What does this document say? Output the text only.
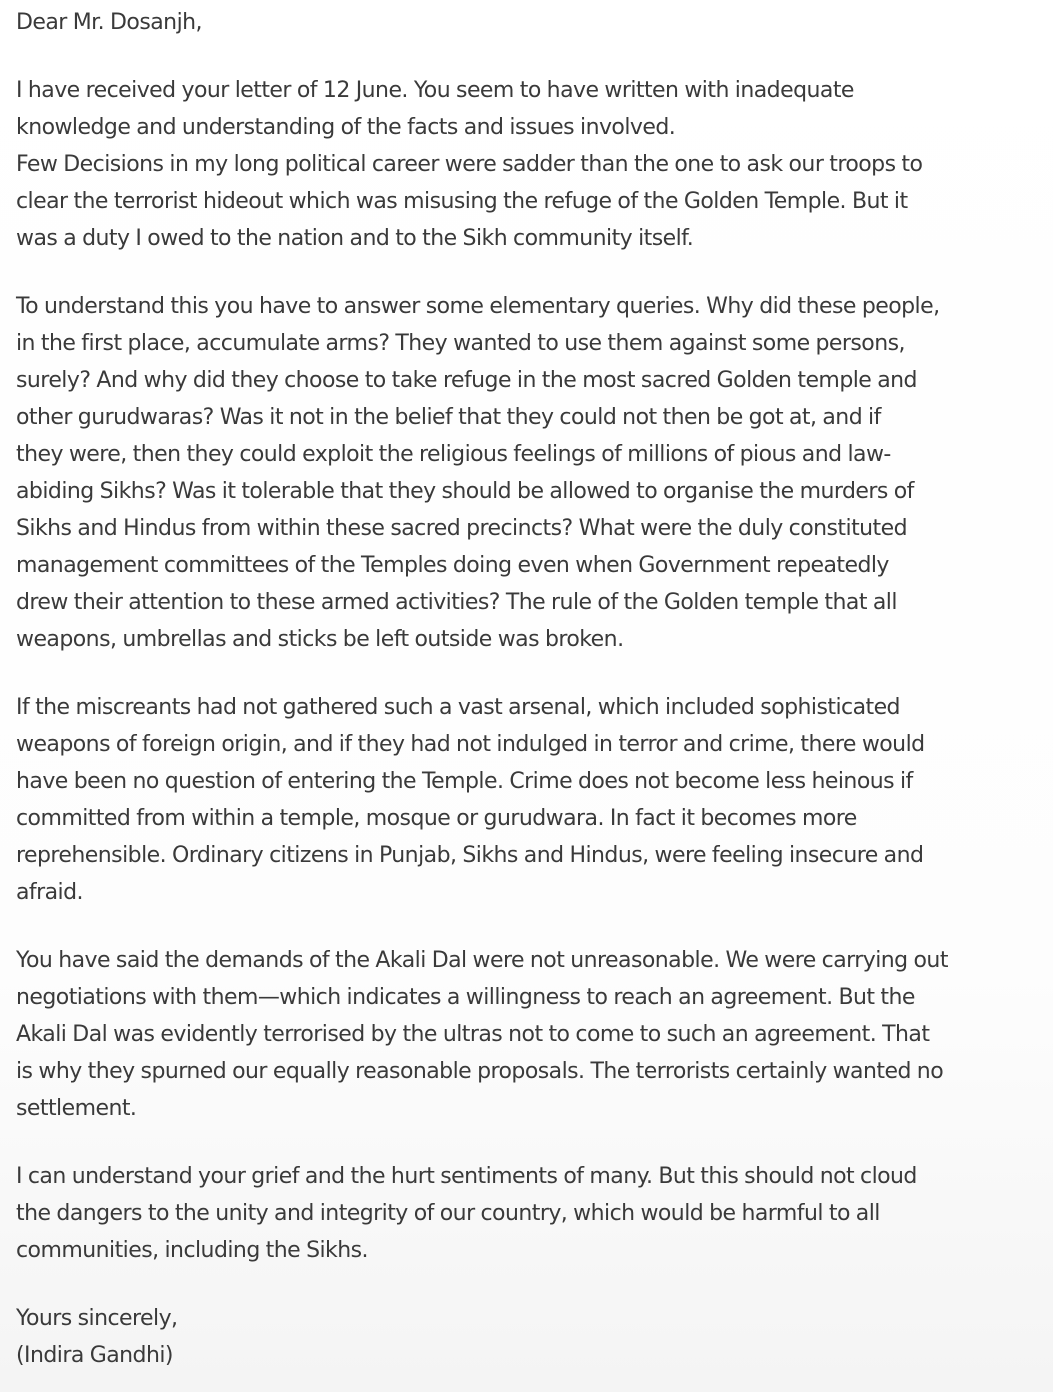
Dear Mr. Dosanjh,
I have received your letter of 12 June. You seem to have written with inadequate
knowledge and understanding of the facts and issues involved.
Few Decisions in my long political career were sadder than the one to ask our troops to
clear the terrorist hideout which was misusing the refuge of the Golden Temple. But it
was a duty I owed to the nation and to the Sikh community itself.
To understand this you have to answer some elementary queries. Why did these people,
in the first place, accumulate arms? They wanted to use them against some persons,
surely? And why did they choose to take refuge in the most sacred Golden temple and
other gurudwaras? Was it not in the belief that they could not then be got at, and if
they were, then they could exploit the religious feelings of millions of pious and law-
abiding Sikhs? Was it tolerable that they should be allowed to organise the murders of
Sikhs and Hindus from within these sacred precincts? What were the duly constituted
management committees of the Temples doing even when Government repeatedly
drew their attention to these armed activities? The rule of the Golden temple that all
weapons, umbrellas and sticks be left outside was broken.
If the miscreants had not gathered such a vast arsenal, which included sophisticated
weapons of foreign origin, and if they had not indulged in terror and crime, there would
have been no question of entering the Temple. Crime does not become less heinous if
committed from within a temple, mosque or gurudwara. In fact it becomes more
reprehensible. Ordinary citizens in Punjab, Sikhs and Hindus, were feeling insecure and
afraid.
You have said the demands of the Akali Dal were not unreasonable. We were carrying out
negotiations with them—which indicates a willingness to reach an agreement. But the
Akali Dal was evidently terrorised by the ultras not to come to such an agreement. That
is why they spurned our equally reasonable proposals. The terrorists certainly wanted no
settlement.
I can understand your grief and the hurt sentiments of many. But this should not cloud
the dangers to the unity and integrity of our country, which would be harmful to all
communities, including the Sikhs.
Yours sincerely,
(Indira Gandhi)
